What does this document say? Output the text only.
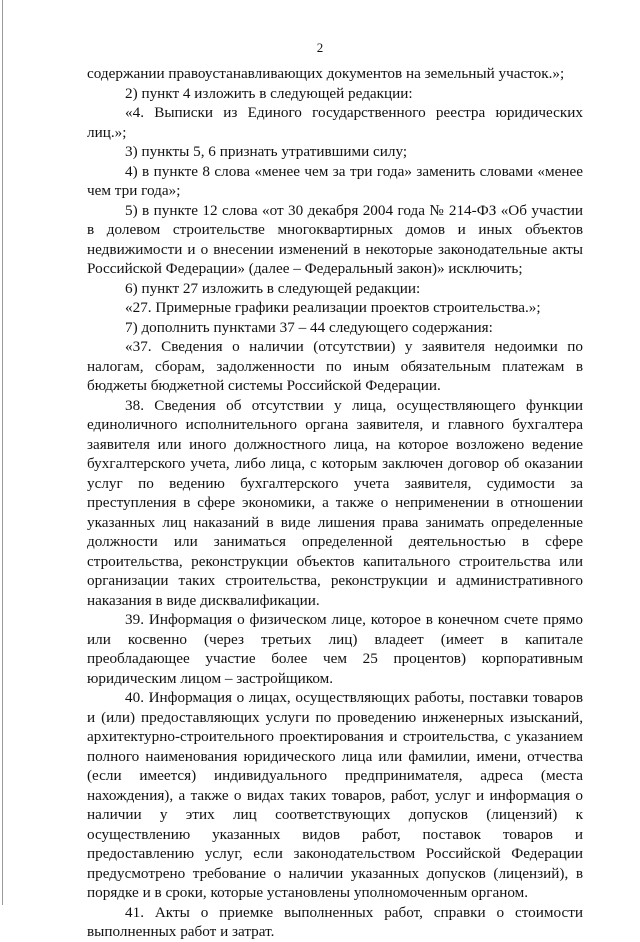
2

содержании правоустанавливающих документов на земельный участок.»;

2) пункт 4 изложить в следующей редакции:

«4. Выписки из Единого государственного реестра юридических лиц.»;

3) пункты 5, 6 признать утратившими силу;

4) в пункте 8 слова «менее чем за три года» заменить словами «менее чем три года»;

5) в пункте 12 слова «от 30 декабря 2004 года № 214-ФЗ «Об участии в долевом строительстве многоквартирных домов и иных объектов недвижимости и о внесении изменений в некоторые законодательные акты Российской Федерации» (далее – Федеральный закон)» исключить;

6) пункт 27 изложить в следующей редакции:

«27. Примерные графики реализации проектов строительства.»;

7) дополнить пунктами 37 – 44 следующего содержания:

«37. Сведения о наличии (отсутствии) у заявителя недоимки по налогам, сборам, задолженности по иным обязательным платежам в бюджеты бюджетной системы Российской Федерации.

38. Сведения об отсутствии у лица, осуществляющего функции единоличного исполнительного органа заявителя, и главного бухгалтера заявителя или иного должностного лица, на которое возложено ведение бухгалтерского учета, либо лица, с которым заключен договор об оказании услуг по ведению бухгалтерского учета заявителя, судимости за преступления в сфере экономики, а также о неприменении в отношении указанных лиц наказаний в виде лишения права занимать определенные должности или заниматься определенной деятельностью в сфере строительства, реконструкции объектов капитального строительства или организации таких строительства, реконструкции и административного наказания в виде дисквалификации.

39. Информация о физическом лице, которое в конечном счете прямо или косвенно (через третьих лиц) владеет (имеет в капитале преобладающее участие более чем 25 процентов) корпоративным юридическим лицом – застройщиком.

40. Информация о лицах, осуществляющих работы, поставки товаров и (или) предоставляющих услуги по проведению инженерных изысканий, архитектурно-строительного проектирования и строительства, с указанием полного наименования юридического лица или фамилии, имени, отчества (если имеется) индивидуального предпринимателя, адреса (места нахождения), а также о видах таких товаров, работ, услуг и информация о наличии у этих лиц соответствующих допусков (лицензий) к осуществлению указанных видов работ, поставок товаров и предоставлению услуг, если законодательством Российской Федерации предусмотрено требование о наличии указанных допусков (лицензий), в порядке и в сроки, которые установлены уполномоченным органом.

41. Акты о приемке выполненных работ, справки о стоимости выполненных работ и затрат.
